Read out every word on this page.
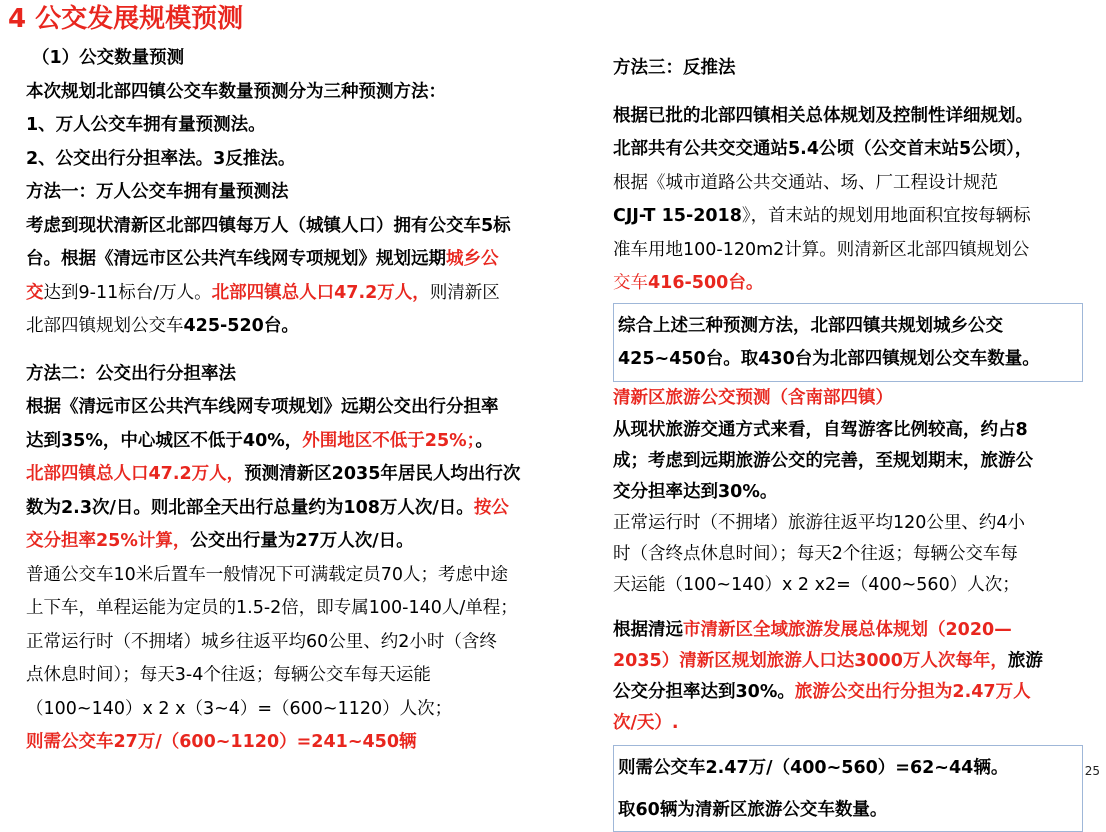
4 公交发展规模预测
（1）公交数量预测
本次规划北部四镇公交车数量预测分为三种预测方法：
1、万人公交车拥有量预测法。
2、公交出行分担率法。3反推法。
方法一：万人公交车拥有量预测法
考虑到现状清新区北部四镇每万人（城镇人口）拥有公交车5标
台。根据《清远市区公共汽车线网专项规划》规划远期城乡公
交达到9-11标台/万人。北部四镇总人口47.2万人，则清新区
北部四镇规划公交车425-520台。
方法二：公交出行分担率法
根据《清远市区公共汽车线网专项规划》远期公交出行分担率
达到35%，中心城区不低于40%，外围地区不低于25%；。
北部四镇总人口47.2万人，预测清新区2035年居民人均出行次
数为2.3次/日。则北部全天出行总量约为108万人次/日。按公
交分担率25%计算，公交出行量为27万人次/日。
普通公交车10米后置车一般情况下可满载定员70人；考虑中途
上下车，单程运能为定员的1.5-2倍，即专属100-140人/单程；
正常运行时（不拥堵）城乡往返平均60公里、约2小时（含终
点休息时间）；每天3-4个往返；每辆公交车每天运能
（100~140）x 2 x（3~4）=（600~1120）人次；
则需公交车27万/（600~1120）=241~450辆
方法三：反推法
根据已批的北部四镇相关总体规划及控制性详细规划。
北部共有公共交交通站5.4公顷（公交首末站5公顷），
根据《城市道路公共交通站、场、厂工程设计规范
CJJ-T 15-2018》，首末站的规划用地面积宜按每辆标
准车用地100-120m2计算。则清新区北部四镇规划公
交车416-500台。
综合上述三种预测方法，北部四镇共规划城乡公交
425~450台。取430台为北部四镇规划公交车数量。
清新区旅游公交预测（含南部四镇）
从现状旅游交通方式来看，自驾游客比例较高，约占8
成；考虑到远期旅游公交的完善，至规划期末，旅游公
交分担率达到30%。
正常运行时（不拥堵）旅游往返平均120公里、约4小
时（含终点休息时间）；每天2个往返；每辆公交车每
天运能（100~140）x 2 x2=（400~560）人次；
根据清远市清新区全域旅游发展总体规划（2020—
2035）清新区规划旅游人口达3000万人次每年，旅游
公交分担率达到30%。旅游公交出行分担为2.47万人
次/天）.
则需公交车2.47万/（400~560）=62~44辆。
取60辆为清新区旅游公交车数量。
25
